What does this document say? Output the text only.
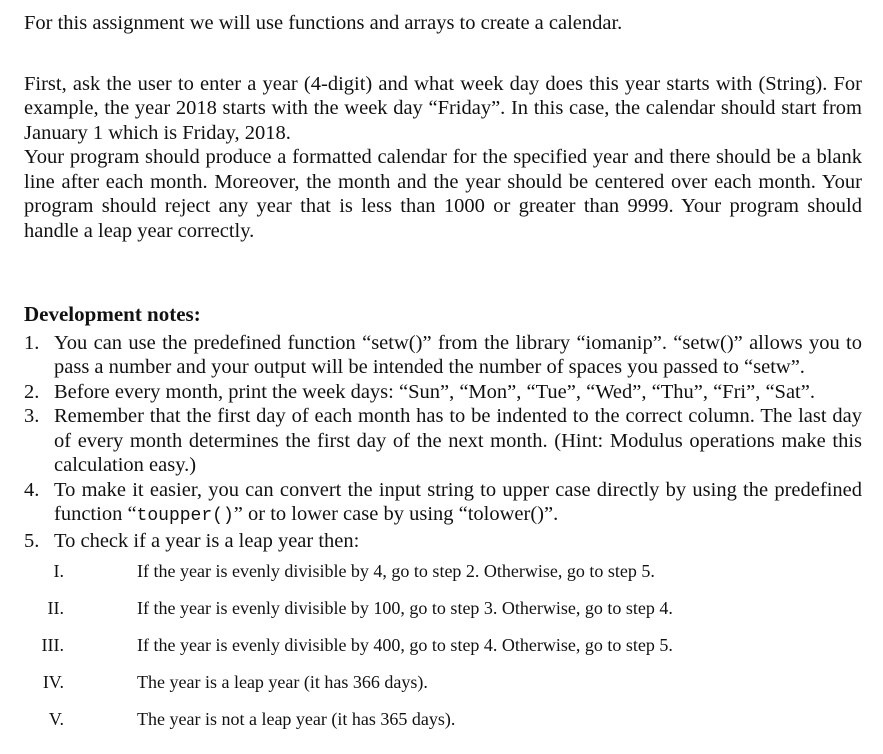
For this assignment we will use functions and arrays to create a calendar.

First, ask the user to enter a year (4-digit) and what week day does this year starts with (String). For example, the year 2018 starts with the week day “Friday”. In this case, the calendar should start from January 1 which is Friday, 2018.

Your program should produce a formatted calendar for the specified year and there should be a blank line after each month. Moreover, the month and the year should be centered over each month. Your program should reject any year that is less than 1000 or greater than 9999. Your program should handle a leap year correctly.

Development notes:

1. You can use the predefined function “setw()” from the library “iomanip”. “setw()” allows you to pass a number and your output will be intended the number of spaces you passed to “setw”.
2. Before every month, print the week days: “Sun”, “Mon”, “Tue”, “Wed”, “Thu”, “Fri”, “Sat”.
3. Remember that the first day of each month has to be indented to the correct column. The last day of every month determines the first day of the next month. (Hint: Modulus operations make this calculation easy.)
4. To make it easier, you can convert the input string to upper case directly by using the predefined function “toupper()” or to lower case by using “tolower()”.
5. To check if a year is a leap year then:
I.	If the year is evenly divisible by 4, go to step 2. Otherwise, go to step 5.
II.	If the year is evenly divisible by 100, go to step 3. Otherwise, go to step 4.
III.	If the year is evenly divisible by 400, go to step 4. Otherwise, go to step 5.
IV.	The year is a leap year (it has 366 days).
V.	The year is not a leap year (it has 365 days).
